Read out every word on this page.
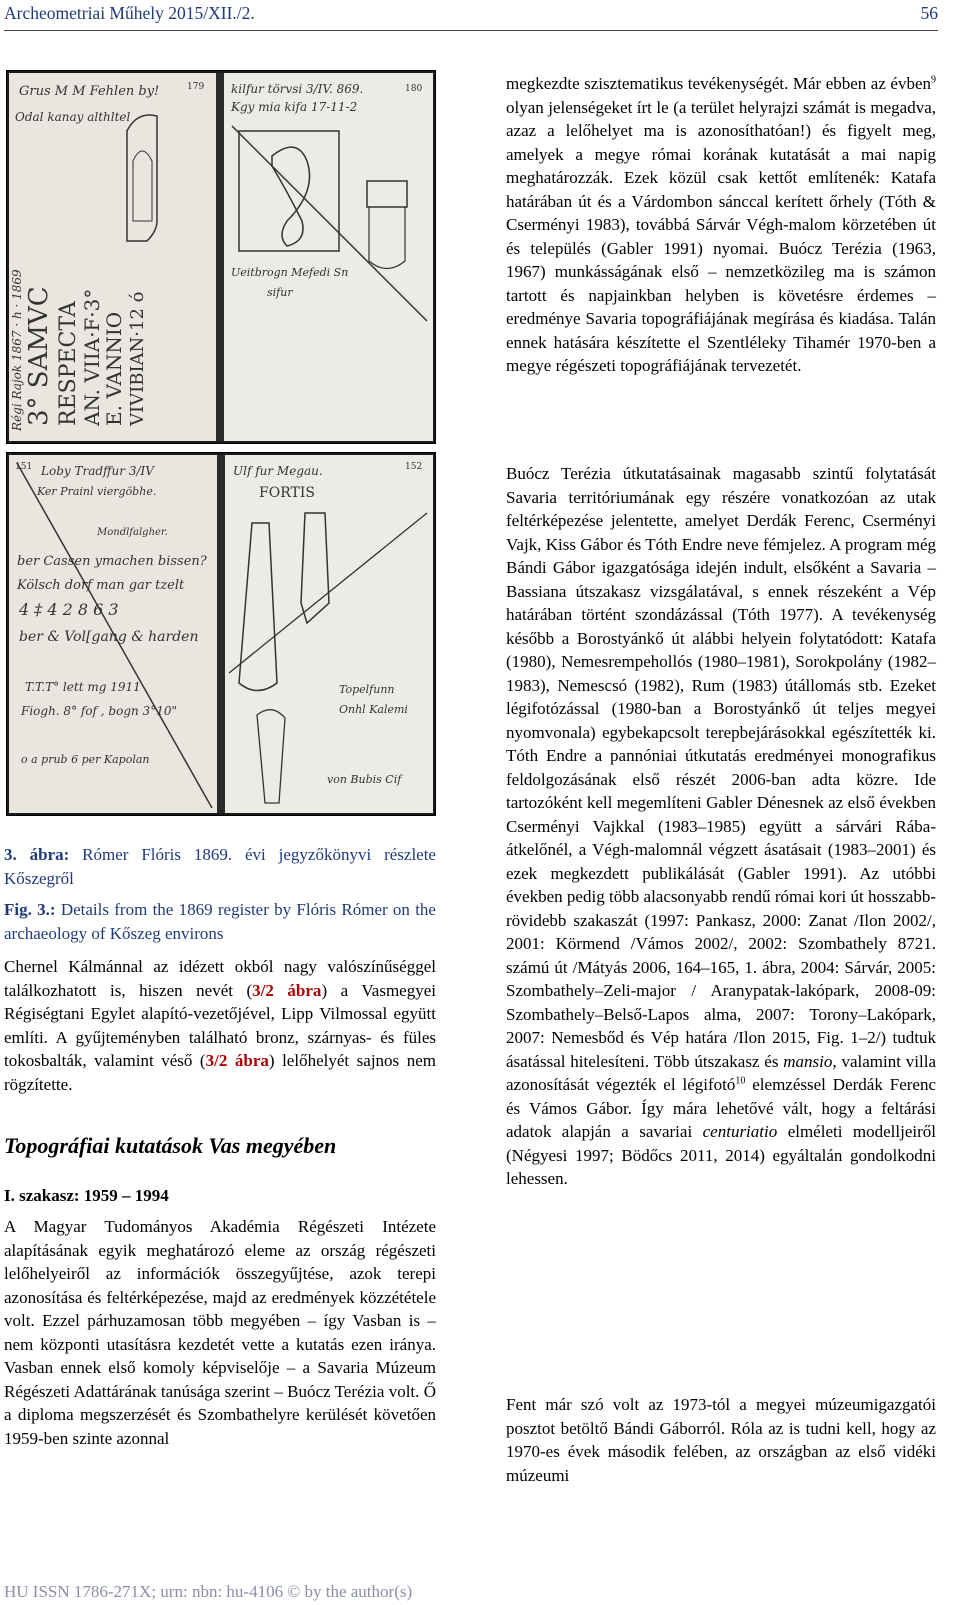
Archeometriai Műhely 2015/XII./2.	56
Grus M M Fehlen by!
Odal kanay althltel
179
3° SAMVC RESPECTA AN. VIIA·F·3°
E. VANNIO VIVIBIAN·12 ó
Régi Rajok 1867 · h · 1869
kilfur törvsi 3/IV. 869.
Kgy mia kifa 17-11-2
180
Ueitbrogn Mefedi Sn
sifur
151 Loby Tradffur 3/IV
Ker Prainl viergöbhe.
Mondlfalgher.
ber Cassen ymachen bissen?
Kölsch dorf man gar tzelt
4 ‡ 4 2 8 6 3
ber & Vol[gang & harden
T.T.T° lett mg 1911
Fiogh. 8° fof , bogn 3°10"
o a prub 6 per Kapolan
Ulf fur Megau.
FORTIS
152
Topelfunn
Onhl Kalemi
von Bubis Cif

3. ábra: Rómer Flóris 1869. évi jegyzőkönyvi részlete Kőszegről

Fig. 3.: Details from the 1869 register by Flóris Rómer on the archaeology of Kőszeg environs

Chernel Kálmánnal az idézett okból nagy valószínűséggel találkozhatott is, hiszen nevét (3/2 ábra) a Vasmegyei Régiségtani Egylet alapító-vezetőjével, Lipp Vilmossal együtt említi. A gyűjteményben található bronz, szárnyas- és füles tokosbalták, valamint véső (3/2 ábra) lelőhelyét sajnos nem rögzítette.

Topográfiai kutatások Vas megyében
I. szakasz: 1959 – 1994

A Magyar Tudományos Akadémia Régészeti Intézete alapításának egyik meghatározó eleme az ország régészeti lelőhelyeiről az információk összegyűjtése, azok terepi azonosítása és feltérképezése, majd az eredmények közzététele volt. Ezzel párhuzamosan több megyében – így Vasban is – nem központi utasításra kezdetét vette a kutatás ezen iránya. Vasban ennek első komoly képviselője – a Savaria Múzeum Régészeti Adattárának tanúsága szerint – Buócz Terézia volt. Ő a diploma megszerzését és Szombathelyre kerülését követően 1959-ben szinte azonnal

megkezdte szisztematikus tevékenységét. Már ebben az évben$^9$ olyan jelenségeket írt le (a terület helyrajzi számát is megadva, azaz a lelőhelyet ma is azonosíthatóan!) és figyelt meg, amelyek a megye római korának kutatását a mai napig meghatározzák. Ezek közül csak kettőt említenék: Katafa határában út és a Várdombon sánccal kerített őrhely (Tóth & Cserményi 1983), továbbá Sárvár Végh-malom körzetében út és település (Gabler 1991) nyomai. Buócz Terézia (1963, 1967) munkásságának első – nemzetközileg ma is számon tartott és napjainkban helyben is követésre érdemes – eredménye Savaria topográfiájának megírása és kiadása. Talán ennek hatására készítette el Szentléleky Tihamér 1970-ben a megye régészeti topográfiájának tervezetét.

Buócz Terézia útkutatásainak magasabb szintű folytatását Savaria territóriumának egy részére vonatkozóan az utak feltérképezése jelentette, amelyet Derdák Ferenc, Cserményi Vajk, Kiss Gábor és Tóth Endre neve fémjelez. A program még Bándi Gábor igazgatósága idején indult, elsőként a Savaria – Bassiana útszakasz vizsgálatával, s ennek részeként a Vép határában történt szondázással (Tóth 1977). A tevékenység később a Borostyánkő út alábbi helyein folytatódott: Katafa (1980), Nemesrempehollós (1980–1981), Sorokpolány (1982–1983), Nemescsó (1982), Rum (1983) útállomás stb. Ezeket légifotózással (1980-ban a Borostyánkő út teljes megyei nyomvonala) egybekapcsolt terepbejárásokkal egészítették ki. Tóth Endre a pannóniai útkutatás eredményei monografikus feldolgozásának első részét 2006-ban adta közre. Ide tartozóként kell megemlíteni Gabler Dénesnek az első években Cserményi Vajkkal (1983–1985) együtt a sárvári Rába-átkelőnél, a Végh-malomnál végzett ásatásait (1983–2001) és ezek megkezdett publikálását (Gabler 1991). Az utóbbi években pedig több alacsonyabb rendű római kori út hosszabb-rövidebb szakaszát (1997: Pankasz, 2000: Zanat /Ilon 2002/, 2001: Körmend /Vámos 2002/, 2002: Szombathely 8721. számú út /Mátyás 2006, 164–165, 1. ábra, 2004: Sárvár, 2005: Szombathely–Zeli-major / Aranypatak-lakópark, 2008-09: Szombathely–Belső-Lapos alma, 2007: Torony–Lakópark, 2007: Nemesbőd és Vép határa /Ilon 2015, Fig. 1–2/) tudtuk ásatással hitelesíteni. Több útszakasz és mansio, valamint villa azonosítását végezték el légifotó$^{10}$ elemzéssel Derdák Ferenc és Vámos Gábor. Így mára lehetővé vált, hogy a feltárási adatok alapján a savariai centuriatio elméleti modelljeiről (Négyesi 1997; Bödőcs 2011, 2014) egyáltalán gondolkodni lehessen.

Fent már szó volt az 1973-tól a megyei múzeumigazgatói posztot betöltő Bándi Gáborról. Róla az is tudni kell, hogy az 1970-es évek második felében, az országban az első vidéki múzeumi

HU ISSN 1786-271X; urn: nbn: hu-4106 © by the author(s)
